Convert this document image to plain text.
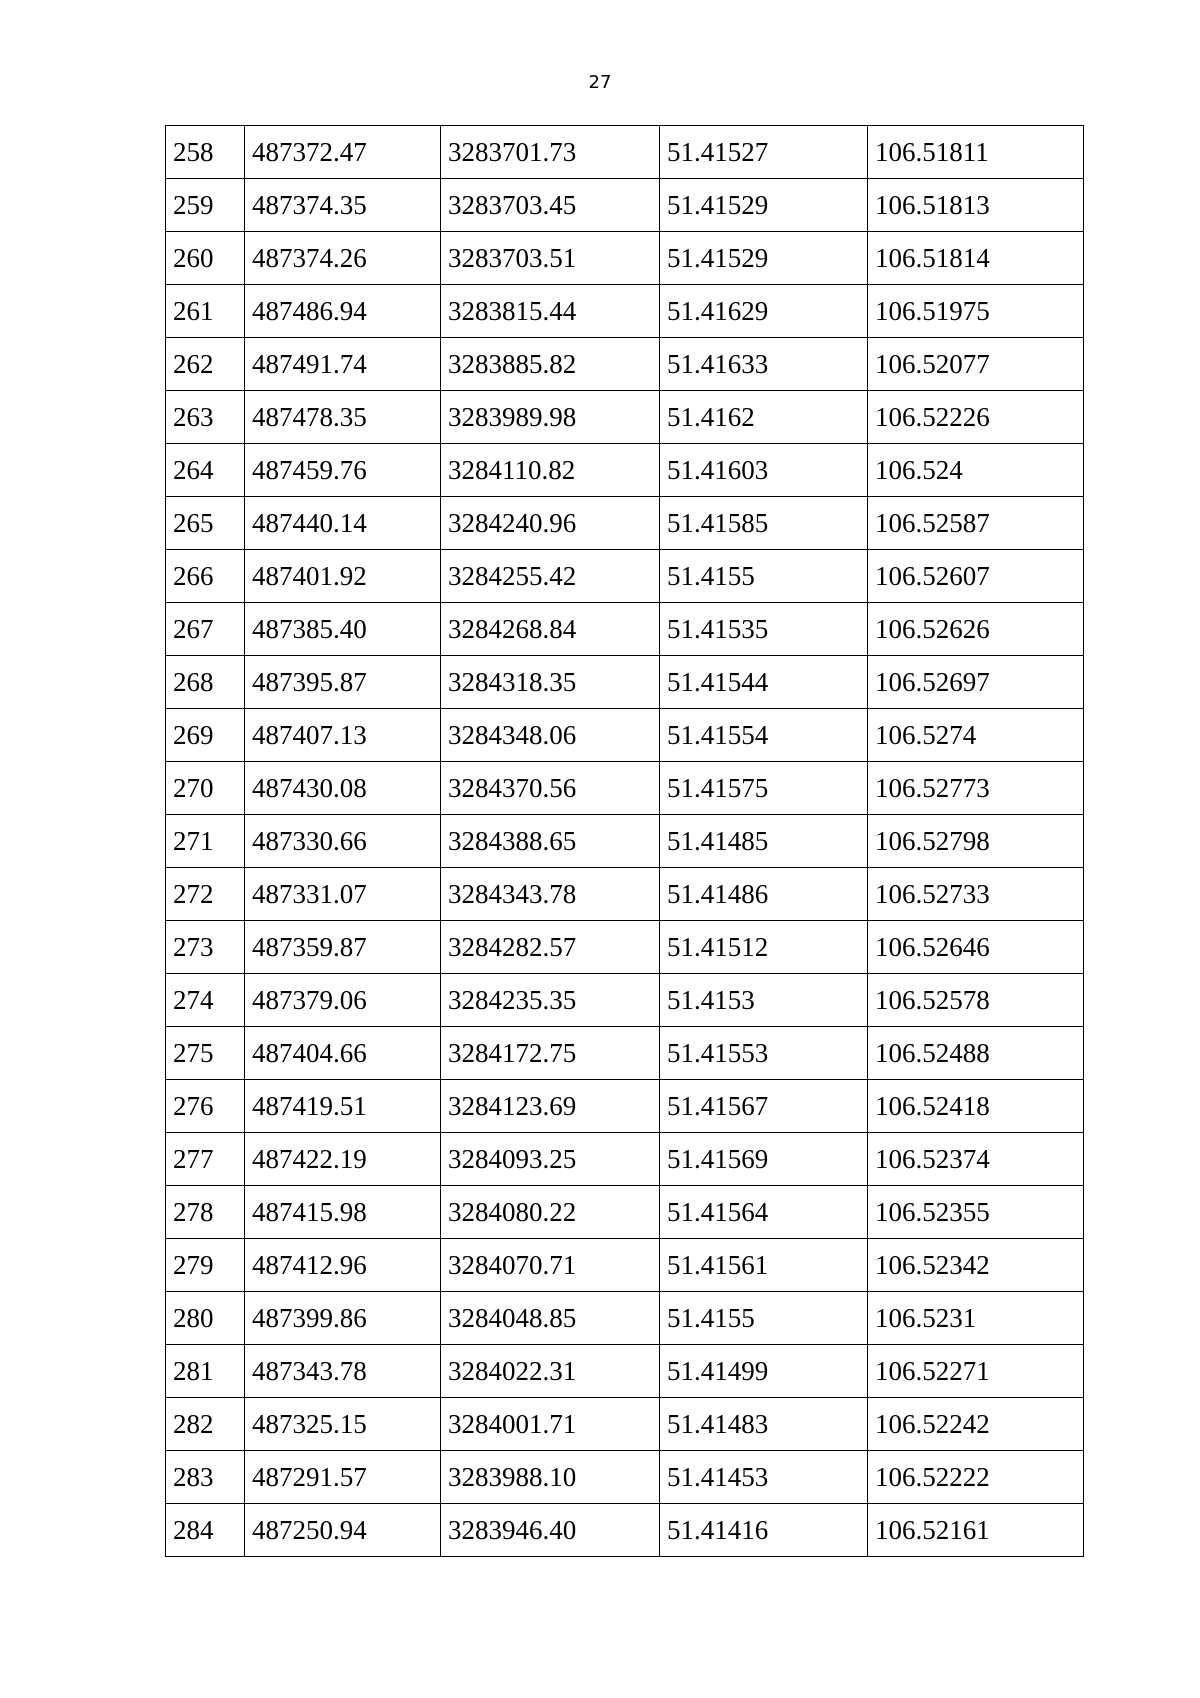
27
258	487372.47	3283701.73	51.41527	106.51811
259	487374.35	3283703.45	51.41529	106.51813
260	487374.26	3283703.51	51.41529	106.51814
261	487486.94	3283815.44	51.41629	106.51975
262	487491.74	3283885.82	51.41633	106.52077
263	487478.35	3283989.98	51.4162	106.52226
264	487459.76	3284110.82	51.41603	106.524
265	487440.14	3284240.96	51.41585	106.52587
266	487401.92	3284255.42	51.4155	106.52607
267	487385.40	3284268.84	51.41535	106.52626
268	487395.87	3284318.35	51.41544	106.52697
269	487407.13	3284348.06	51.41554	106.5274
270	487430.08	3284370.56	51.41575	106.52773
271	487330.66	3284388.65	51.41485	106.52798
272	487331.07	3284343.78	51.41486	106.52733
273	487359.87	3284282.57	51.41512	106.52646
274	487379.06	3284235.35	51.4153	106.52578
275	487404.66	3284172.75	51.41553	106.52488
276	487419.51	3284123.69	51.41567	106.52418
277	487422.19	3284093.25	51.41569	106.52374
278	487415.98	3284080.22	51.41564	106.52355
279	487412.96	3284070.71	51.41561	106.52342
280	487399.86	3284048.85	51.4155	106.5231
281	487343.78	3284022.31	51.41499	106.52271
282	487325.15	3284001.71	51.41483	106.52242
283	487291.57	3283988.10	51.41453	106.52222
284	487250.94	3283946.40	51.41416	106.52161
